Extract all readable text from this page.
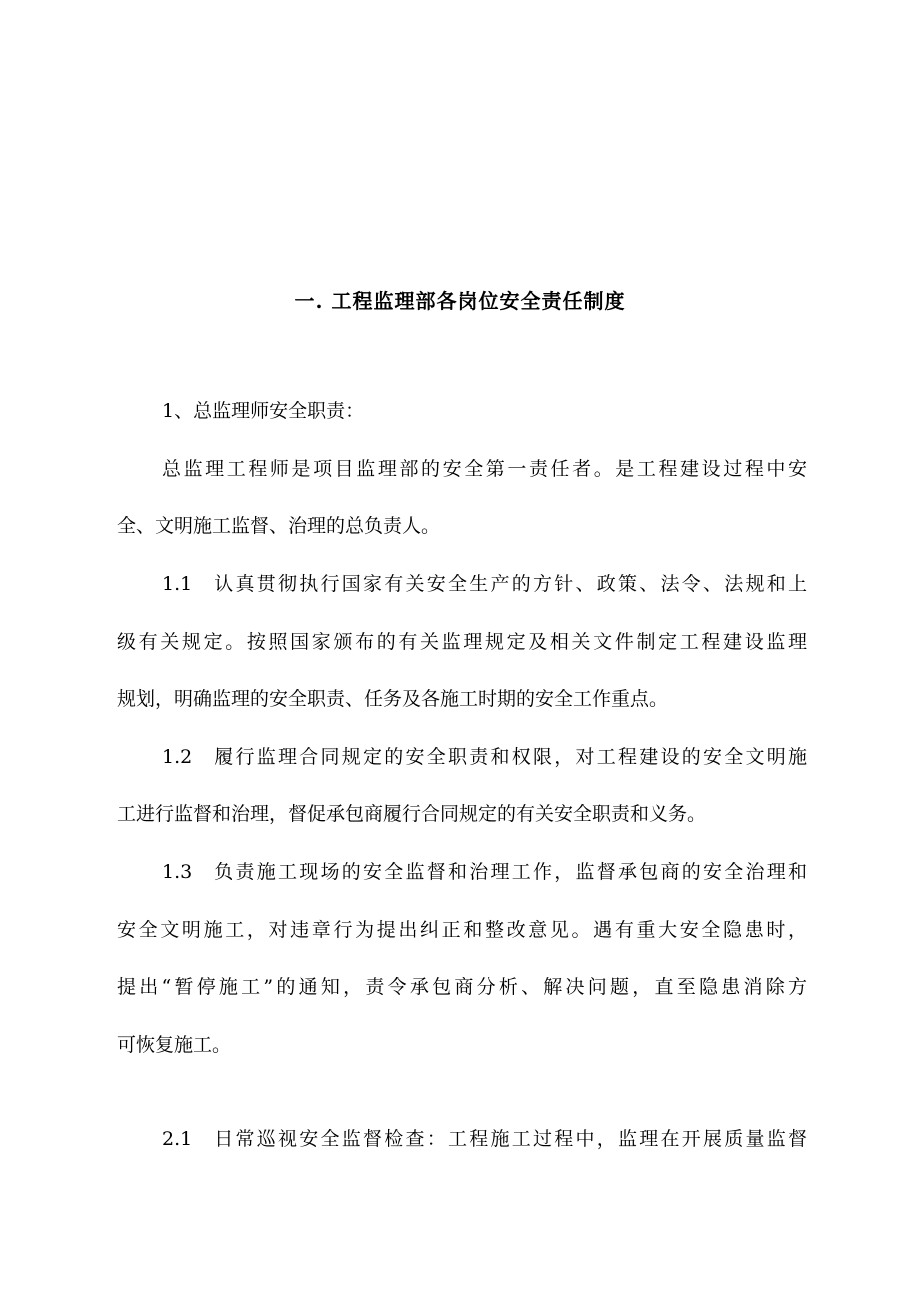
一. 工程监理部各岗位安全责任制度
1、总监理师安全职责：
总监理工程师是项目监理部的安全第一责任者。是工程建设过程中安
全、文明施工监督、治理的总负责人。
1.1 认真贯彻执行国家有关安全生产的方针、政策、法令、法规和上
级有关规定。按照国家颁布的有关监理规定及相关文件制定工程建设监理
规划，明确监理的安全职责、任务及各施工时期的安全工作重点。
1.2 履行监理合同规定的安全职责和权限，对工程建设的安全文明施
工进行监督和治理，督促承包商履行合同规定的有关安全职责和义务。
1.3 负责施工现场的安全监督和治理工作，监督承包商的安全治理和
安全文明施工，对违章行为提出纠正和整改意见。遇有重大安全隐患时，
提出“暂停施工”的通知，责令承包商分析、解决问题，直至隐患消除方
可恢复施工。
2.1 日常巡视安全监督检查：工程施工过程中，监理在开展质量监督
